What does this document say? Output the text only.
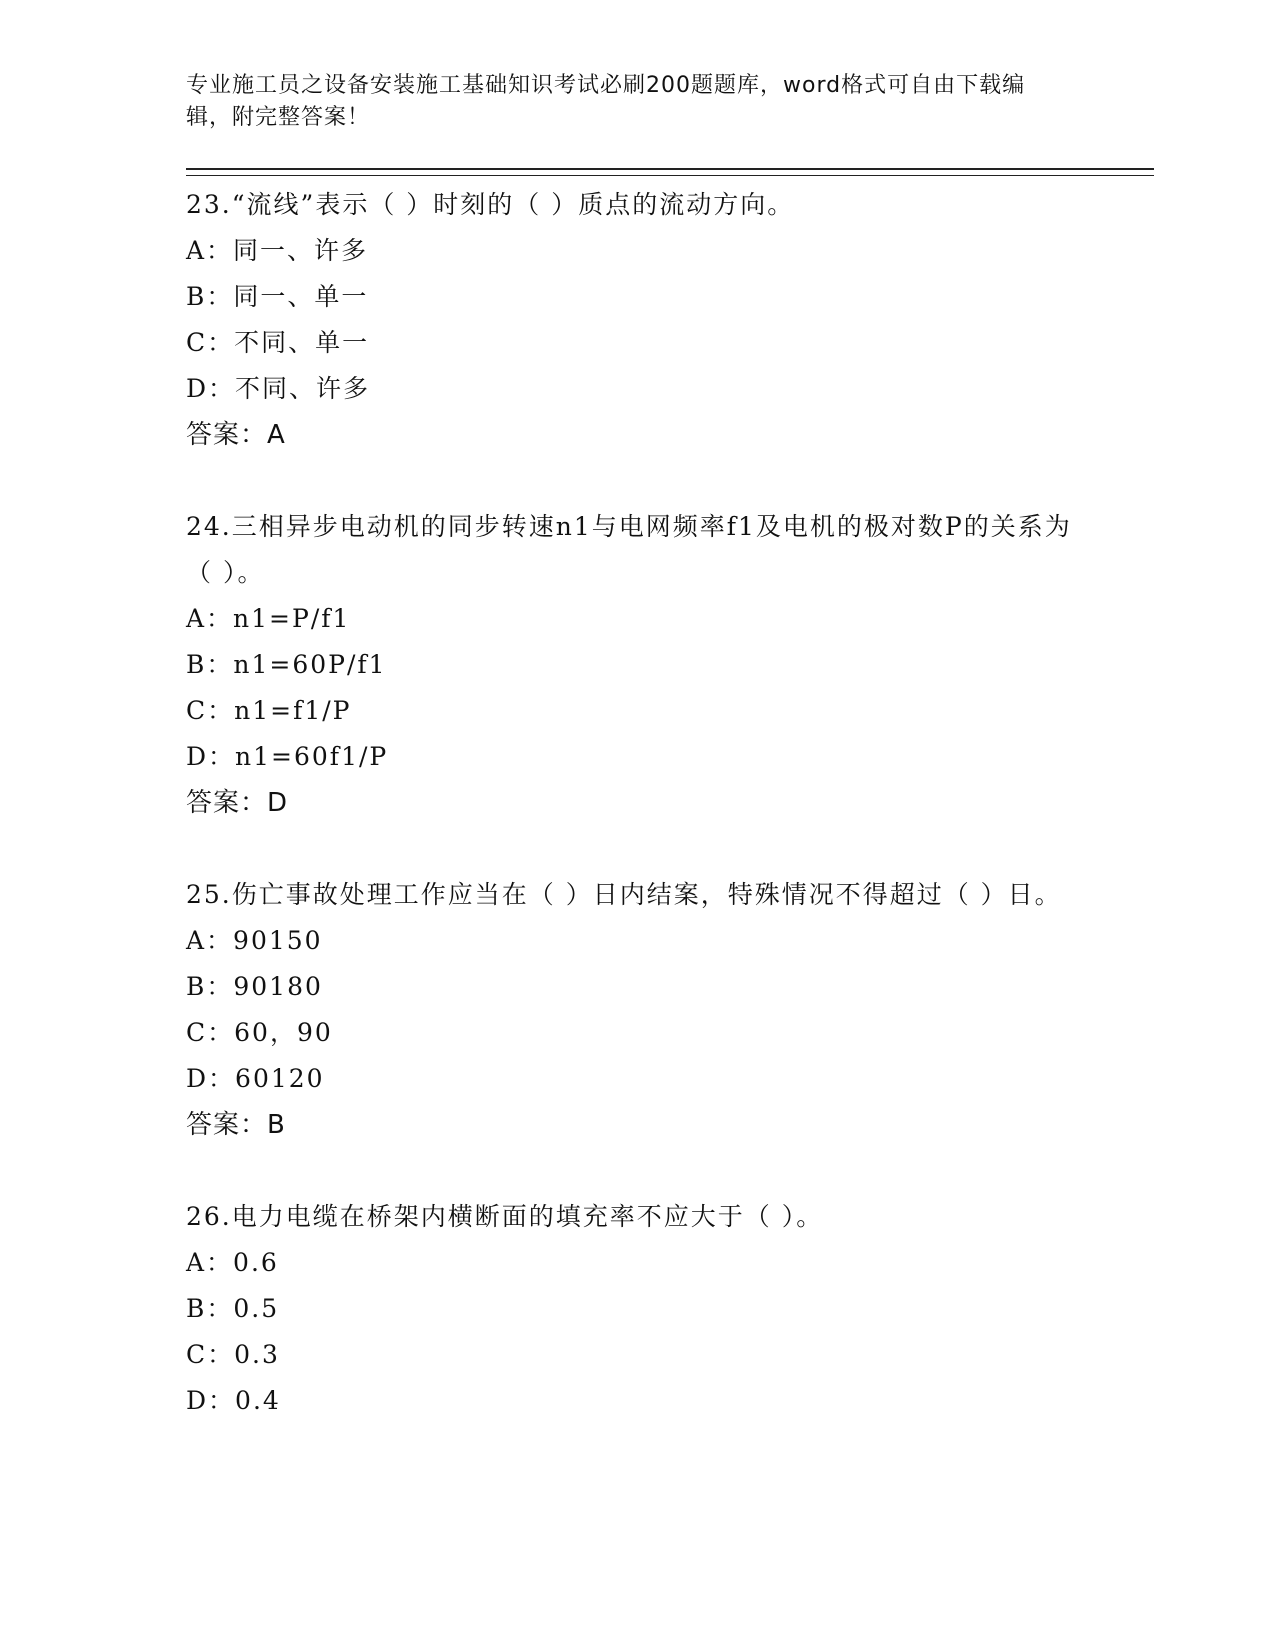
专业施工员之设备安装施工基础知识考试必刷200题题库，word格式可自由下载编辑，附完整答案！
23.“流线”表示（ ）时刻的（ ）质点的流动方向。
A：同一、许多
B：同一、单一
C：不同、单一
D：不同、许多
答案：A
24.三相异步电动机的同步转速n1与电网频率f1及电机的极对数P的关系为（ ）。
A：n1=P/f1
B：n1=60P/f1
C：n1=f1/P
D：n1=60f1/P
答案：D
25.伤亡事故处理工作应当在（ ）日内结案，特殊情况不得超过（ ）日。
A：90150
B：90180
C：60，90
D：60120
答案：B
26.电力电缆在桥架内横断面的填充率不应大于（ ）。
A：0.6
B：0.5
C：0.3
D：0.4
